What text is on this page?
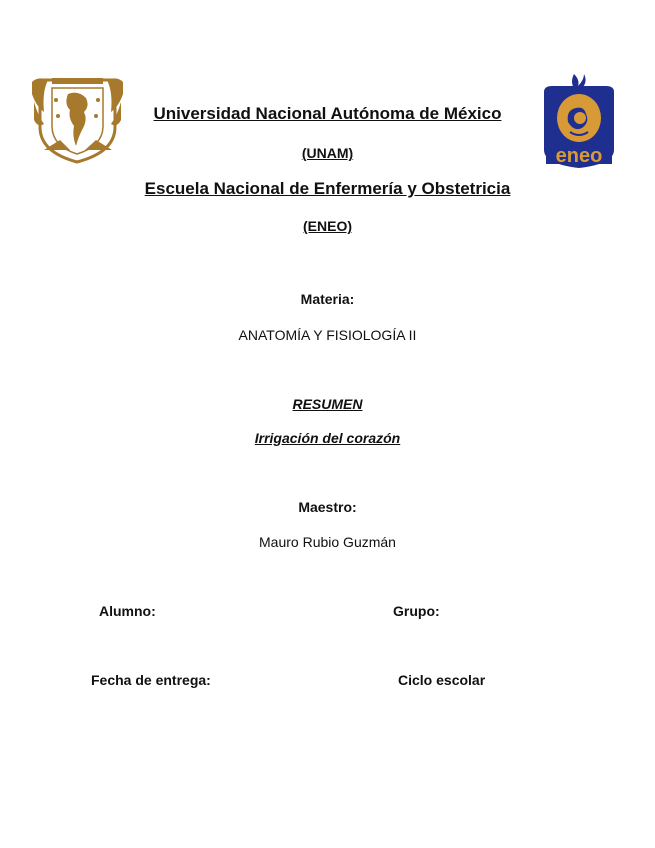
eneo
Universidad Nacional Autónoma de México
(UNAM)
Escuela Nacional de Enfermería y Obstetricia
(ENEO)
Materia:
ANATOMÍA Y FISIOLOGÍA II
RESUMEN
Irrigación del corazón
Maestro:
Mauro Rubio Guzmán
Alumno:	Grupo:
Fecha de entrega:	Ciclo escolar
